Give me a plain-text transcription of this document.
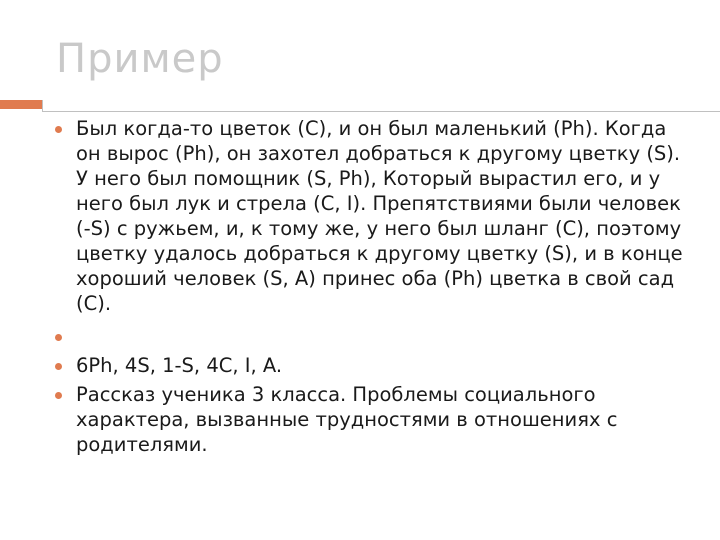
Пример
Был когда-то цветок (С), и он был маленький (Ph). Когда он вырос (Ph), он захотел добраться к другому цветку (S). У него был помощник (S, Ph), Который вырастил его, и у него был лук и стрела (С, I). Препятствиями были человек (-S) с ружьем, и, к тому же, у него был шланг (С), поэтому цветку удалось добраться к другому цветку (S), и в конце хороший человек (S, A) принес оба (Ph) цветка в свой сад (С).
6Ph, 4S, 1-S, 4С, I, A.
Рассказ ученика 3 класса. Проблемы социального характера, вызванные трудностями в отношениях с родителями.
